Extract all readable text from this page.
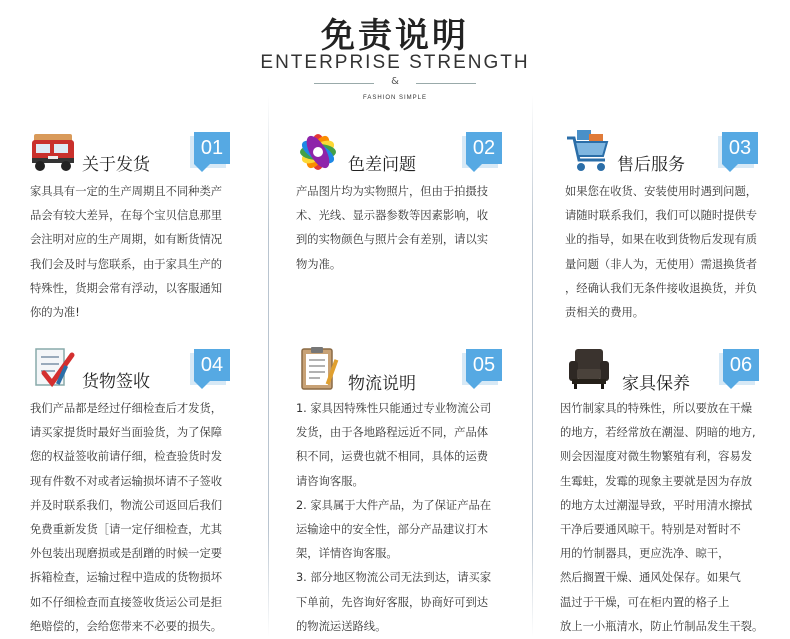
免责说明
ENTERPRISE STRENGTH
&
FASHION SIMPLE
关于发货
01
家具具有一定的生产周期且不同种类产
品会有较大差异，在每个宝贝信息那里
会注明对应的生产周期，如有断货情况
我们会及时与您联系，由于家具生产的
特殊性，货期会常有浮动，以客服通知
你的为准!
色差问题
02
产品图片均为实物照片，但由于拍摄技
术、光线、显示器参数等因素影响，收
到的实物颜色与照片会有差别，请以实
物为准。
售后服务
03
如果您在收货、安装使用时遇到问题，
请随时联系我们，我们可以随时提供专
业的指导，如果在收到货物后发现有质
量问题（非人为，无使用）需退换货者
，经确认我们无条件接收退换货，并负
责相关的费用。
货物签收
04
我们产品都是经过仔细检查后才发货，
请买家提货时最好当面验货，为了保障
您的权益签收前请仔细，检查验货时发
现有件数不对或者运输损坏请不子签收
并及时联系我们，物流公司返回后我们
免费重新发货［请一定仔细检查，尤其
外包装出现磨损或是刮蹭的时候一定要
拆箱检查，运输过程中造成的货物损坏
如不仔细检查而直接签收货运公司是拒
绝赔偿的，会给您带来不必要的损失。
物流说明
05
1. 家具因特殊性只能通过专业物流公司
发货，由于各地路程远近不同，产品体
积不同，运费也就不相同，具体的运费
请咨询客服。
2. 家具属于大件产品，为了保证产品在
运输途中的安全性，部分产品建议打木
架，详情咨询客服。
3. 部分地区物流公司无法到达，请买家
下单前，先咨询好客服，协商好可到达
的物流运送路线。
家具保养
06
因竹制家具的特殊性，所以要放在干燥
的地方，若经常放在潮湿、阴暗的地方,
则会因湿度对微生物繁殖有利，容易发
生霉蛀，发霉的现象主要就是因为存放
的地方太过潮湿导致，平时用清水擦拭
干净后要通风晾干。特别是对暂时不
用的竹制器具，更应洗净、晾干，
然后搁置干燥、通风处保存。如果气
温过于干燥，可在柜内置的格子上
放上一小瓶清水，防止竹制品发生干裂。
